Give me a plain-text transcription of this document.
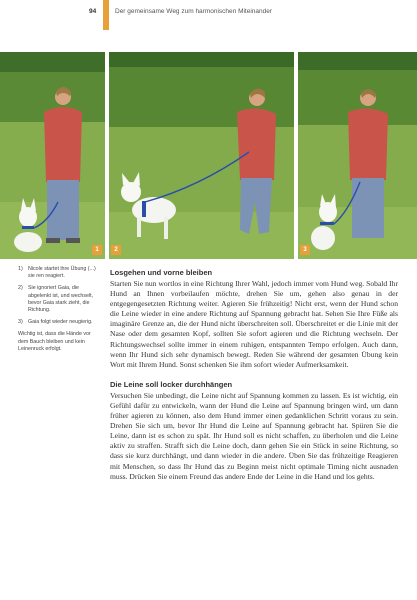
94	Der gemeinsame Weg zum harmonischen Miteinander
1	2	3
1) Nicole startet ihre Übung (...) sie ren reagiert.
2) Sie ignoriert Gaia, die abgelenkt ist, und wechselt, bevor Gaia stark zieht, die Richtung.
3) Gaia folgt wieder neugierig.
Wichtig ist, dass die Hände vor dem Bauch bleiben und kein Leinenruck erfolgt.
Losgehen und vorne bleiben

Starten Sie nun wortlos in eine Richtung Ihrer Wahl, jedoch immer vom Hund weg. Sobald Ihr Hund an Ihnen vorbeilaufen möchte, drehen Sie um, gehen also genau in der entgegengesetzten Richtung weiter. Agieren Sie frühzeitig! Nicht erst, wenn der Hund schon die Leine wieder in eine andere Richtung auf Spannung gebracht hat. Sehen Sie Ihre Füße als imaginäre Grenze an, die der Hund nicht überschreiten soll. Überschreitet er die Linie mit der Nase oder dem gesamten Kopf, sollten Sie sofort agieren und die Richtung wechseln. Der Richtungswechsel sollte immer in einem ruhigen, entspannten Tempo erfolgen. Auch dann, wenn Ihr Hund sich sehr dynamisch bewegt. Reden Sie während der gesamten Übung kein Wort mit Ihrem Hund. Sonst schenken Sie ihm sofort wieder Aufmerksamkeit.

Die Leine soll locker durchhängen

Versuchen Sie unbedingt, die Leine nicht auf Spannung kommen zu lassen. Es ist wichtig, ein Gefühl dafür zu entwickeln, wann der Hund die Leine auf Spannung bringen wird, um dann früher agieren zu können, also dem Hund immer einen gedanklichen Schritt voraus zu sein. Drehen Sie sich um, bevor Ihr Hund die Leine auf Spannung gebracht hat. Spüren Sie die Leine, dann ist es schon zu spät. Ihr Hund soll es nicht schaffen, zu überholen und die Leine aktiv zu straffen. Strafft sich die Leine doch, dann gehen Sie ein Stück in seine Richtung, so dass sie kurz durchhängt, und dann wieder in die andere. Üben Sie das frühzeitige Reagieren mit Menschen, so dass Ihr Hund das zu Beginn meist nicht optimale Timing nicht ausnaden muss. Drücken Sie einem Freund das andere Ende der Leine in die Hand und los gehts.
